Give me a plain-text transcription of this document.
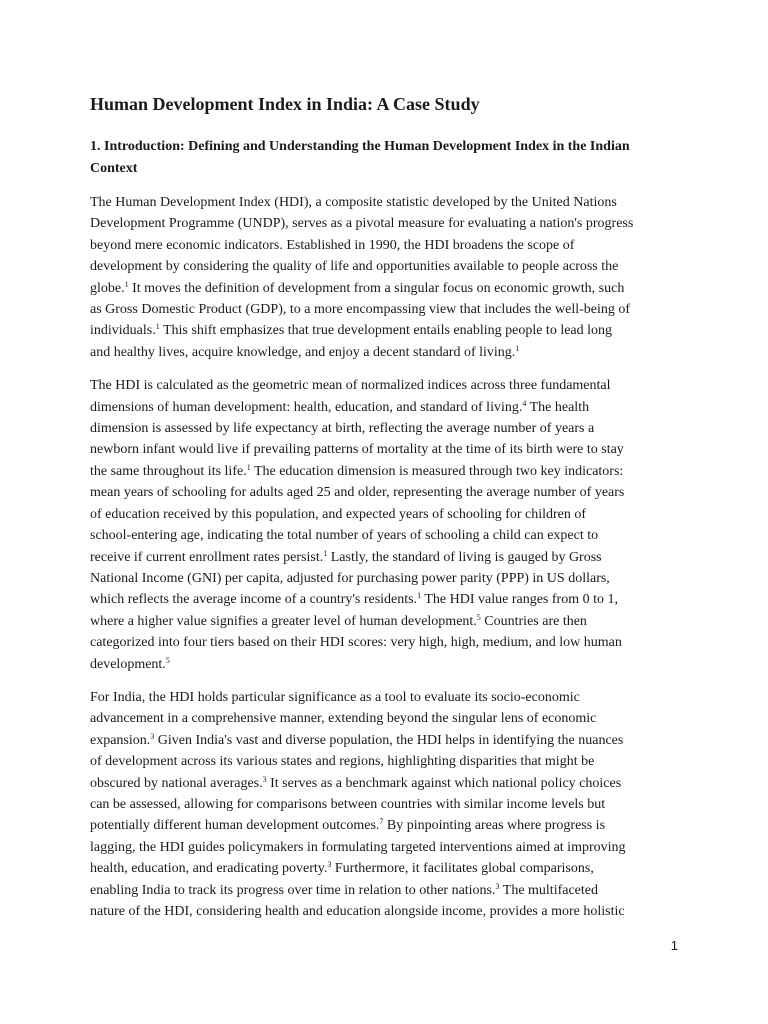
Human Development Index in India: A Case Study
1. Introduction: Defining and Understanding the Human Development Index in the Indian
Context

The Human Development Index (HDI), a composite statistic developed by the United Nations
Development Programme (UNDP), serves as a pivotal measure for evaluating a nation's progress
beyond mere economic indicators. Established in 1990, the HDI broadens the scope of
development by considering the quality of life and opportunities available to people across the
globe.$^1$ It moves the definition of development from a singular focus on economic growth, such
as Gross Domestic Product (GDP), to a more encompassing view that includes the well-being of
individuals.$^1$ This shift emphasizes that true development entails enabling people to lead long
and healthy lives, acquire knowledge, and enjoy a decent standard of living.$^1$

The HDI is calculated as the geometric mean of normalized indices across three fundamental
dimensions of human development: health, education, and standard of living.$^4$ The health
dimension is assessed by life expectancy at birth, reflecting the average number of years a
newborn infant would live if prevailing patterns of mortality at the time of its birth were to stay
the same throughout its life.$^1$ The education dimension is measured through two key indicators:
mean years of schooling for adults aged 25 and older, representing the average number of years
of education received by this population, and expected years of schooling for children of
school-entering age, indicating the total number of years of schooling a child can expect to
receive if current enrollment rates persist.$^1$ Lastly, the standard of living is gauged by Gross
National Income (GNI) per capita, adjusted for purchasing power parity (PPP) in US dollars,
which reflects the average income of a country's residents.$^1$ The HDI value ranges from 0 to 1,
where a higher value signifies a greater level of human development.$^5$ Countries are then
categorized into four tiers based on their HDI scores: very high, high, medium, and low human
development.$^5$

For India, the HDI holds particular significance as a tool to evaluate its socio-economic
advancement in a comprehensive manner, extending beyond the singular lens of economic
expansion.$^3$ Given India's vast and diverse population, the HDI helps in identifying the nuances
of development across its various states and regions, highlighting disparities that might be
obscured by national averages.$^3$ It serves as a benchmark against which national policy choices
can be assessed, allowing for comparisons between countries with similar income levels but
potentially different human development outcomes.$^7$ By pinpointing areas where progress is
lagging, the HDI guides policymakers in formulating targeted interventions aimed at improving
health, education, and eradicating poverty.$^3$ Furthermore, it facilitates global comparisons,
enabling India to track its progress over time in relation to other nations.$^3$ The multifaceted
nature of the HDI, considering health and education alongside income, provides a more holistic

1
